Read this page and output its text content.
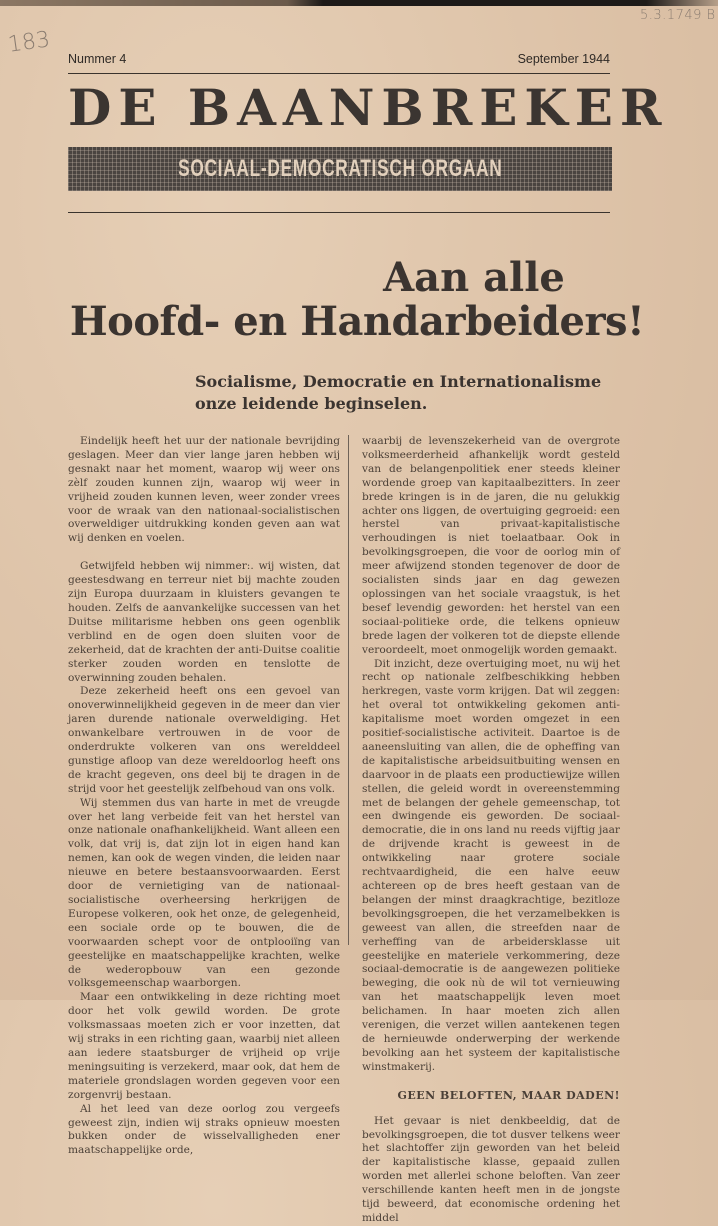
183
5.3.1749 B
Nummer 4	September 1944
DE BAANBREKER
SOCIAAL-DEMOCRATISCH ORGAAN
Aan alle
Hoofd- en Handarbeiders!
Socialisme, Democratie en Internationalisme
onze leidende beginselen.

Eindelijk heeft het uur der nationale bevrijding geslagen. Meer dan vier lange jaren hebben wij gesnakt naar het moment, waarop wij weer ons zèlf zouden kunnen zijn, waarop wij weer in vrijheid zouden kunnen leven, weer zonder vrees voor de wraak van den nationaal-socialistischen overweldiger uitdrukking konden geven aan wat wij denken en voelen.

Getwijfeld hebben wij nimmer:. wij wisten, dat geestesdwang en terreur niet bij machte zouden zijn Europa duurzaam in kluisters gevangen te houden. Zelfs de aanvankelijke successen van het Duitse militarisme hebben ons geen ogenblik verblind en de ogen doen sluiten voor de zekerheid, dat de krachten der anti-Duitse coalitie sterker zouden worden en tenslotte de overwinning zouden behalen.

Deze zekerheid heeft ons een gevoel van onoverwinnelijkheid gegeven in de meer dan vier jaren durende nationale overweldiging. Het onwankelbare vertrouwen in de voor de onderdrukte volkeren van ons werelddeel gunstige afloop van deze wereldoorlog heeft ons de kracht gegeven, ons deel bij te dragen in de strijd voor het geestelijk zelfbehoud van ons volk.

Wij stemmen dus van harte in met de vreugde over het lang verbeide feit van het herstel van onze nationale onafhankelijkheid. Want alleen een volk, dat vrij is, dat zijn lot in eigen hand kan nemen, kan ook de wegen vinden, die leiden naar nieuwe en betere bestaansvoorwaarden. Eerst door de vernietiging van de nationaal-socialistische overheersing herkrijgen de Europese volkeren, ook het onze, de gelegenheid, een sociale orde op te bouwen, die de voorwaarden schept voor de ontplooiïng van geestelijke en maatschappelijke krachten, welke de wederopbouw van een gezonde volksgemeenschap waarborgen.

Maar een ontwikkeling in deze richting moet door het volk gewild worden. De grote volksmassaas moeten zich er voor inzetten, dat wij straks in een richting gaan, waarbij niet alleen aan iedere staatsburger de vrijheid op vrije meningsuiting is verzekerd, maar ook, dat hem de materiele grondslagen worden gegeven voor een zorgenvrij bestaan.

Al het leed van deze oorlog zou vergeefs geweest zijn, indien wij straks opnieuw moesten bukken onder de wisselvalligheden ener maatschappelijke orde,

waarbij de levenszekerheid van de overgrote volksmeerderheid afhankelijk wordt gesteld van de belangenpolitiek ener steeds kleiner wordende groep van kapitaalbezitters. In zeer brede kringen is in de jaren, die nu gelukkig achter ons liggen, de overtuiging gegroeid: een herstel van privaat-kapitalistische verhoudingen is niet toelaatbaar. Ook in bevolkingsgroepen, die voor de oorlog min of meer afwijzend stonden tegenover de door de socialisten sinds jaar en dag gewezen oplossingen van het sociale vraagstuk, is het besef levendig geworden: het herstel van een sociaal-politieke orde, die telkens opnieuw brede lagen der volkeren tot de diepste ellende veroordeelt, moet onmogelijk worden gemaakt.

Dit inzicht, deze overtuiging moet, nu wij het recht op nationale zelfbeschikking hebben herkregen, vaste vorm krijgen. Dat wil zeggen: het overal tot ontwikkeling gekomen anti-kapitalisme moet worden omgezet in een positief-socialistische activiteit. Daartoe is de aaneensluiting van allen, die de opheffing van de kapitalistische arbeidsuitbuiting wensen en daarvoor in de plaats een productiewijze willen stellen, die geleid wordt in overeenstemming met de belangen der gehele gemeenschap, tot een dwingende eis geworden. De sociaal-democratie, die in ons land nu reeds vijftig jaar de drijvende kracht is geweest in de ontwikkeling naar grotere sociale rechtvaardigheid, die een halve eeuw achtereen op de bres heeft gestaan van de belangen der minst draagkrachtige, bezitloze bevolkingsgroepen, die het verzamelbekken is geweest van allen, die streefden naar de verheffing van de arbeidersklasse uit geestelijke en materiele verkommering, deze sociaal-democratie is de aangewezen politieke beweging, die ook nù de wil tot vernieuwing van het maatschappelijk leven moet belichamen. In haar moeten zich allen verenigen, die verzet willen aantekenen tegen de hernieuwde onderwerping der werkende bevolking aan het systeem der kapitalistische winstmakerij.

GEEN BELOFTEN, MAAR DADEN!

Het gevaar is niet denkbeeldig, dat de bevolkingsgroepen, die tot dusver telkens weer het slachtoffer zijn geworden van het beleid der kapitalistische klasse, gepaaid zullen worden met allerlei schone beloften. Van zeer verschillende kanten heeft men in de jongste tijd beweerd, dat economische ordening het middel
